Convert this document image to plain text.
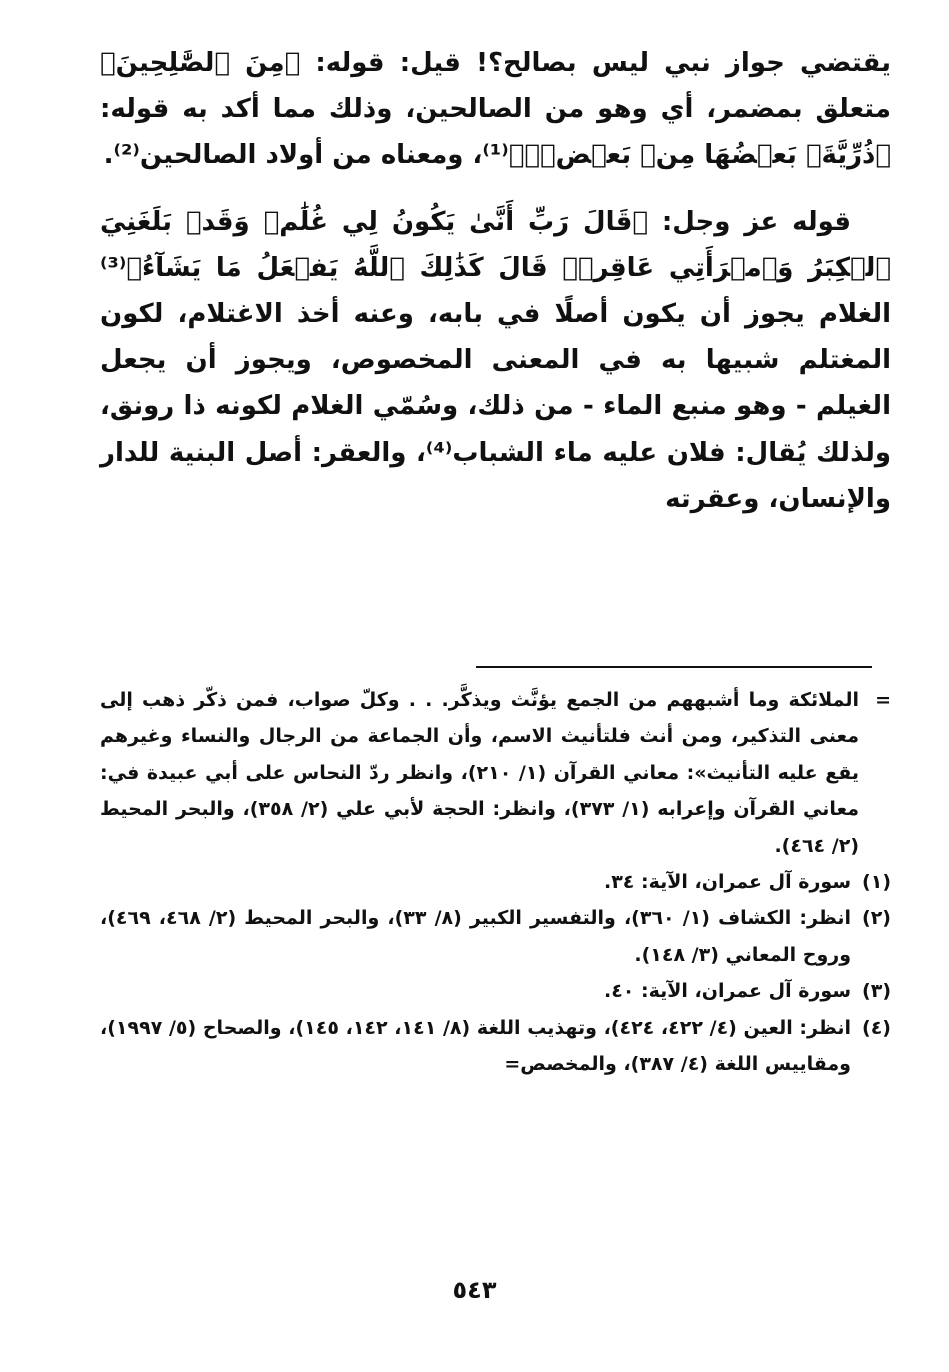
يقتضي جواز نبي ليس بصالح؟! قيل: قوله: ﴿مِنَ ٱلصَّٰلِحِينَ﴾ متعلق بمضمر، أي وهو من الصالحين، وذلك مما أكد به قوله: ﴿ذُرِّيَّةَۢ بَعۡضُهَا مِنۢ بَعۡضٖۗ﴾⁽¹⁾، ومعناه من أولاد الصالحين⁽²⁾.

قوله عز وجل: ﴿قَالَ رَبِّ أَنَّىٰ يَكُونُ لِي غُلَٰمٞ وَقَدۡ بَلَغَنِيَ ٱلۡكِبَرُ وَٱمۡرَأَتِي عَاقِرٞۖ قَالَ كَذَٰلِكَ ٱللَّهُ يَفۡعَلُ مَا يَشَآءُ﴾⁽³⁾ الغلام يجوز أن يكون أصلًا في بابه، وعنه أخذ الاغتلام، لكون المغتلم شبيها به في المعنى المخصوص، ويجوز أن يجعل الغيلم - وهو منبع الماء - من ذلك، وسُمّي الغلام لكونه ذا رونق، ولذلك يُقال: فلان عليه ماء الشباب⁽⁴⁾، والعقر: أصل البنية للدار والإنسان، وعقرته

=
الملائكة وما أشبههم من الجمع يؤنَّث ويذكَّر. . . وكلّ صواب، فمن ذكّر ذهب إلى معنى التذكير، ومن أنث فلتأنيث الاسم، وأن الجماعة من الرجال والنساء وغيرهم يقع عليه التأنيث»: معاني القرآن (١/ ٢١٠)، وانظر ردّ النحاس على أبي عبيدة في: معاني القرآن وإعرابه (١/ ٣٧٣)، وانظر: الحجة لأبي علي (٢/ ٣٥٨)، والبحر المحيط (٢/ ٤٦٤).

(١)سورة آل عمران، الآية: ٣٤.

(٢)انظر: الكشاف (١/ ٣٦٠)، والتفسير الكبير (٨/ ٣٣)، والبحر المحيط (٢/ ٤٦٨، ٤٦٩)، وروح المعاني (٣/ ١٤٨).

(٣)سورة آل عمران، الآية: ٤٠.

(٤)انظر: العين (٤/ ٤٢٢، ٤٢٤)، وتهذيب اللغة (٨/ ١٤١، ١٤٢، ١٤٥)، والصحاح (٥/ ١٩٩٧)، ومقاييس اللغة (٤/ ٣٨٧)، والمخصص=

٥٤٣
